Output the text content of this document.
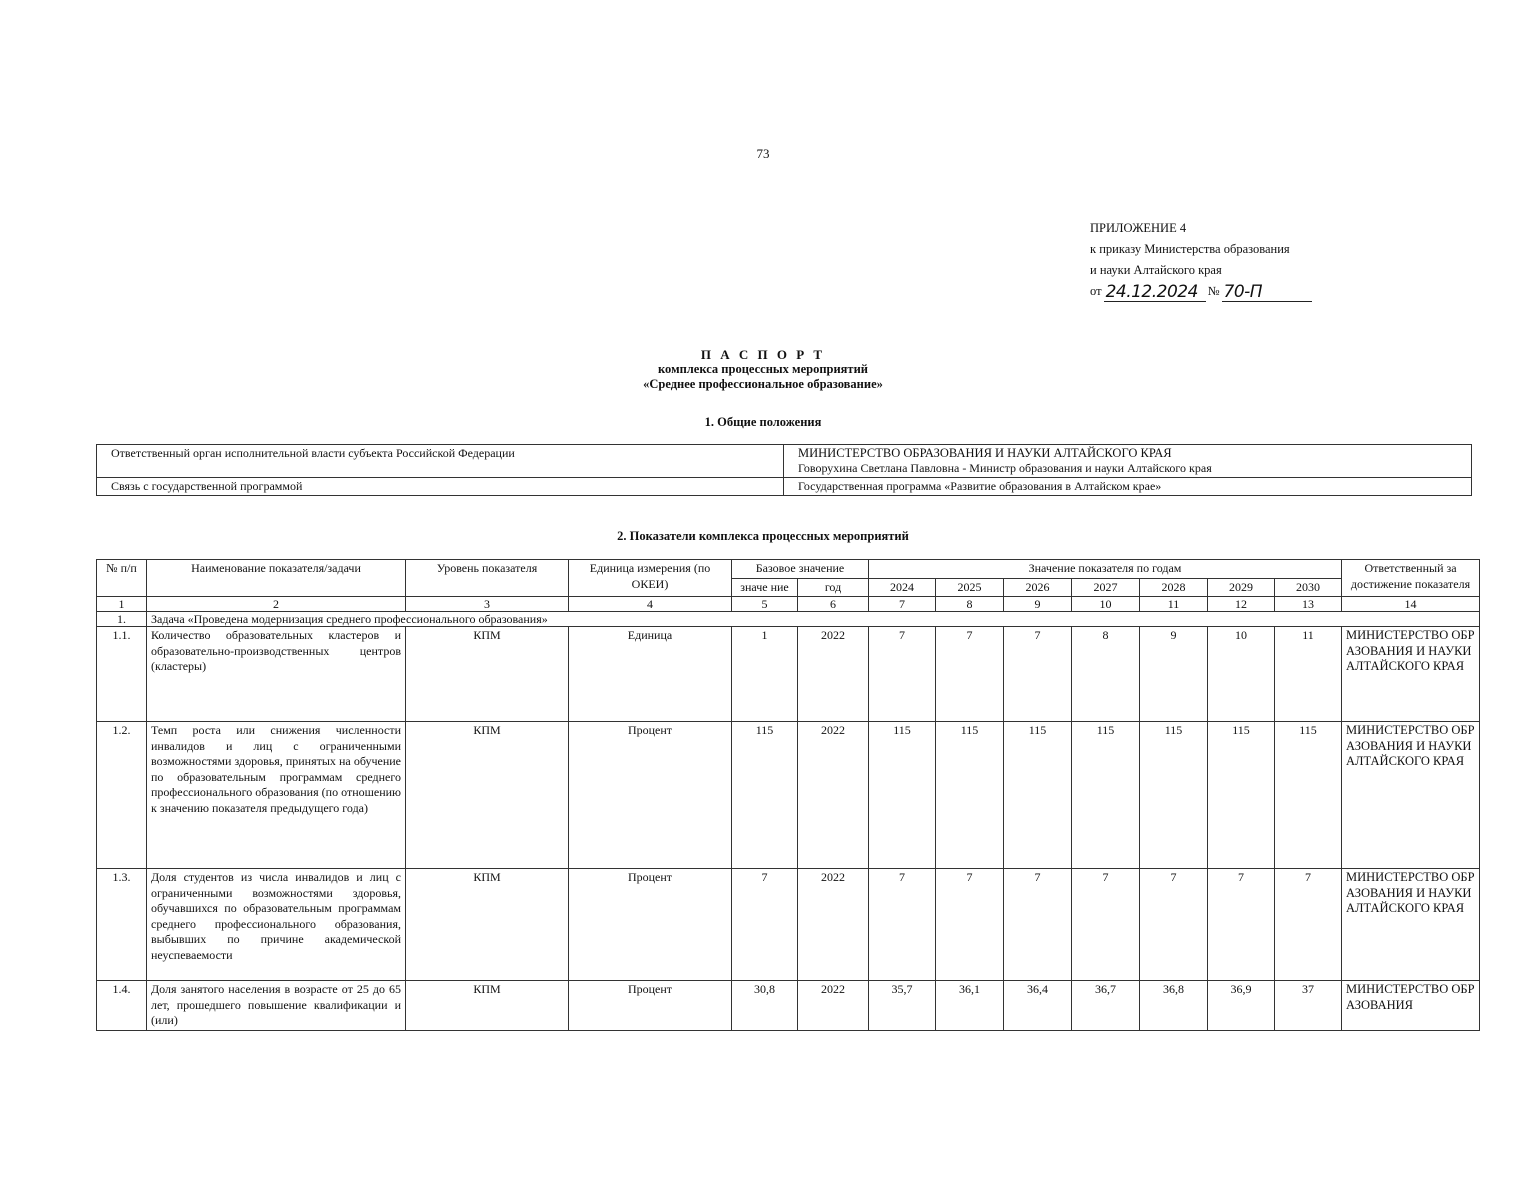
73
ПРИЛОЖЕНИЕ 4
к приказу Министерства образования
и науки Алтайского края
от 24.12.2024 № 70-П
П А С П О Р Т
комплекса процессных мероприятий
«Среднее профессиональное образование»
1. Общие положения
Ответственный орган исполнительной власти субъекта Российской Федерации	МИНИСТЕРСТВО ОБРАЗОВАНИЯ И НАУКИ АЛТАЙСКОГО КРАЯ
Говорухина Светлана Павловна - Министр образования и науки Алтайского края

Связь с государственной программой	Государственная программа «Развитие образования в Алтайском крае»
2. Показатели комплекса процессных мероприятий
№ п/п	Наименование показателя/задачи	Уровень показателя	Единица измерения (по ОКЕИ)	Базовое значение		Значение показателя по годам							Ответственный за достижение показателя
				значе ние	год	2024	2025	2026	2027	2028	2029	2030	
1	2	3	4	5	6	7	8	9	10	11	12	13	14
1.	Задача «Проведена модернизация среднего профессионального образования»												
1.1.	Количество образовательных кластеров и образовательно-производственных центров (кластеры)	КПМ	Единица	1	2022	7	7	7	8	9	10	11	МИНИСТЕРСТВО ОБРАЗОВАНИЯ И НАУКИ АЛТАЙСКОГО КРАЯ
1.2.	Темп роста или снижения численности инвалидов и лиц с ограниченными возможностями здоровья, принятых на обучение по образовательным программам среднего профессионального образования (по отношению к значению показателя предыдущего года)	КПМ	Процент	115	2022	115	115	115	115	115	115	115	МИНИСТЕРСТВО ОБРАЗОВАНИЯ И НАУКИ АЛТАЙСКОГО КРАЯ
1.3.	Доля студентов из числа инвалидов и лиц с ограниченными возможностями здоровья, обучавшихся по образовательным программам среднего профессионального образования, выбывших по причине академической неуспеваемости	КПМ	Процент	7	2022	7	7	7	7	7	7	7	МИНИСТЕРСТВО ОБРАЗОВАНИЯ И НАУКИ АЛТАЙСКОГО КРАЯ
1.4.	Доля занятого населения в возрасте от 25 до 65 лет, прошедшего повышение квалификации и (или)	КПМ	Процент	30,8	2022	35,7	36,1	36,4	36,7	36,8	36,9	37	МИНИСТЕРСТВО ОБРАЗОВАНИЯ
